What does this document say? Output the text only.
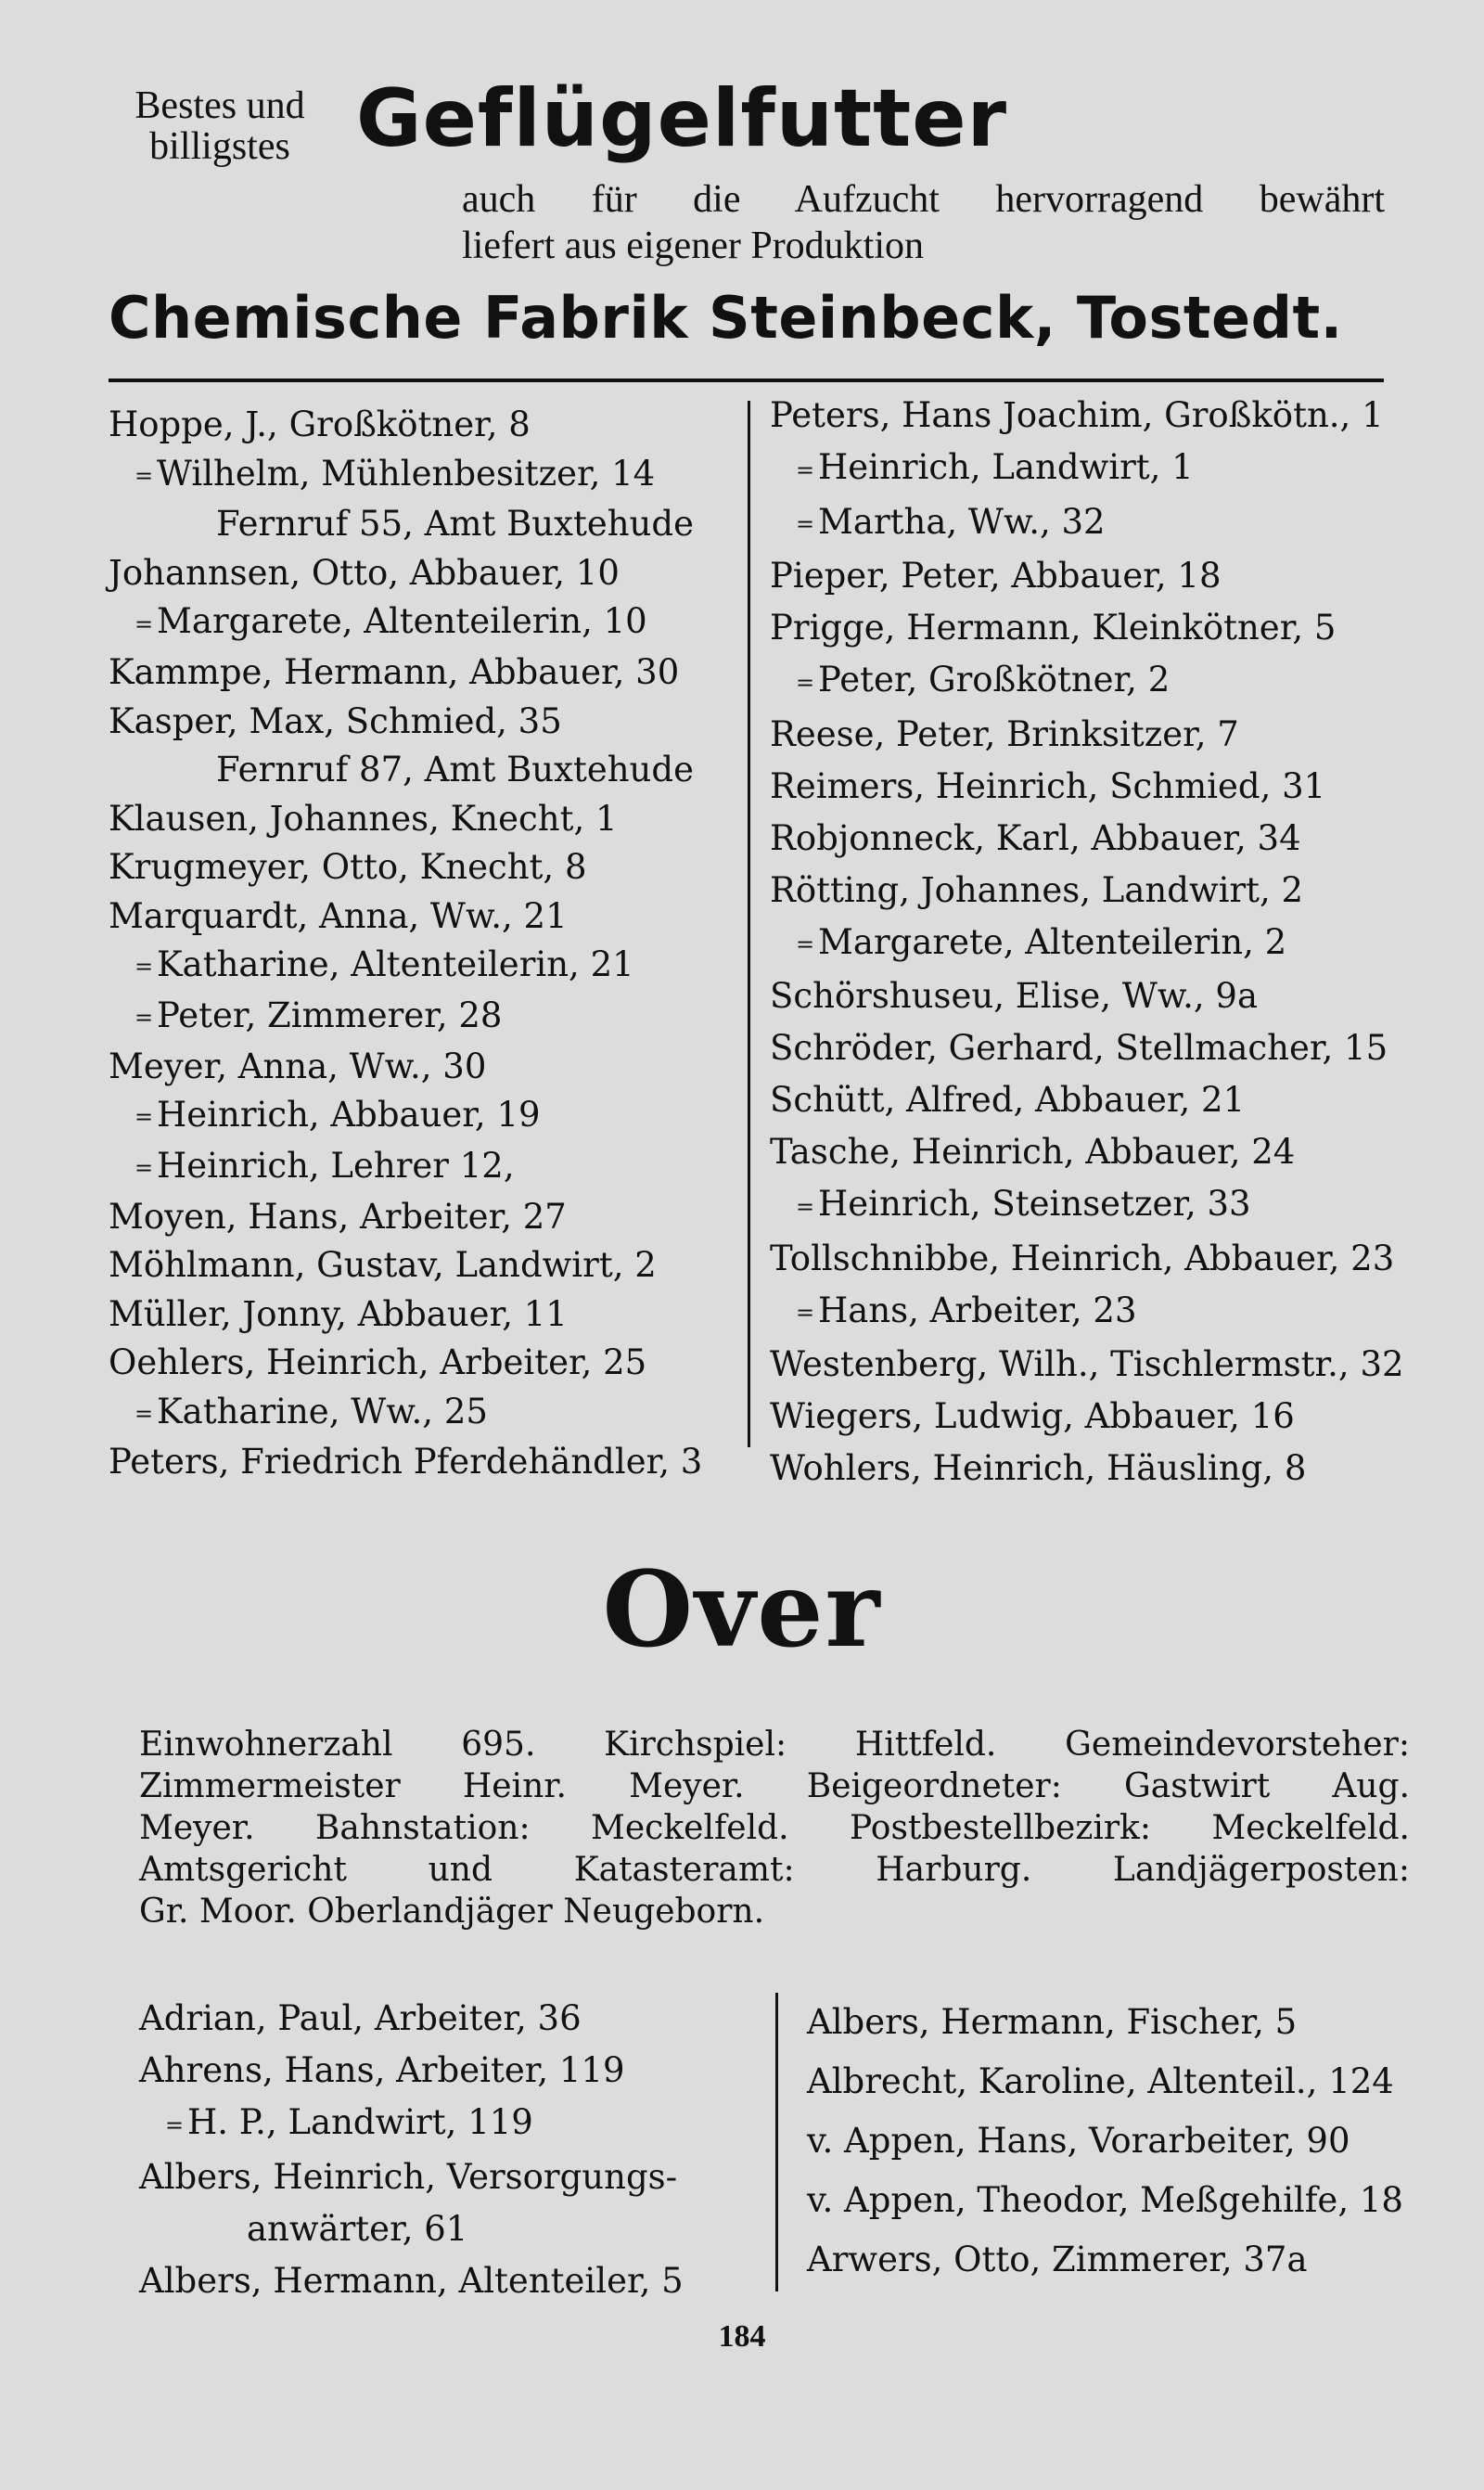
Bestes und
billigstes Geflügelfutter
auch für die Aufzucht hervorragend bewährt
liefert aus eigener Produktion
Chemische Fabrik Steinbeck, Tostedt.
Hoppe, J., Großkötner, 8
= Wilhelm, Mühlenbesitzer, 14
Fernruf 55, Amt Buxtehude
Johannsen, Otto, Abbauer, 10
= Margarete, Altenteilerin, 10
Kammpe, Hermann, Abbauer, 30
Kasper, Max, Schmied, 35
Fernruf 87, Amt Buxtehude
Klausen, Johannes, Knecht, 1
Krugmeyer, Otto, Knecht, 8
Marquardt, Anna, Ww., 21
= Katharine, Altenteilerin, 21
= Peter, Zimmerer, 28
Meyer, Anna, Ww., 30
= Heinrich, Abbauer, 19
= Heinrich, Lehrer 12,
Moyen, Hans, Arbeiter, 27
Möhlmann, Gustav, Landwirt, 2
Müller, Jonny, Abbauer, 11
Oehlers, Heinrich, Arbeiter, 25
= Katharine, Ww., 25
Peters, Friedrich Pferdehändler, 3
Peters, Hans Joachim, Großkötn., 1
= Heinrich, Landwirt, 1
= Martha, Ww., 32
Pieper, Peter, Abbauer, 18
Prigge, Hermann, Kleinkötner, 5
= Peter, Großkötner, 2
Reese, Peter, Brinksitzer, 7
Reimers, Heinrich, Schmied, 31
Robjonneck, Karl, Abbauer, 34
Rötting, Johannes, Landwirt, 2
= Margarete, Altenteilerin, 2
Schörshuseu, Elise, Ww., 9a
Schröder, Gerhard, Stellmacher, 15
Schütt, Alfred, Abbauer, 21
Tasche, Heinrich, Abbauer, 24
= Heinrich, Steinsetzer, 33
Tollschnibbe, Heinrich, Abbauer, 23
= Hans, Arbeiter, 23
Westenberg, Wilh., Tischlermstr., 32
Wiegers, Ludwig, Abbauer, 16
Wohlers, Heinrich, Häusling, 8
Over
Einwohnerzahl 695. Kirchspiel: Hittfeld. Gemeindevorsteher:
Zimmermeister Heinr. Meyer. Beigeordneter: Gastwirt Aug.
Meyer. Bahnstation: Meckelfeld. Postbestellbezirk: Meckelfeld.
Amtsgericht und Katasteramt: Harburg. Landjägerposten:
Gr. Moor. Oberlandjäger Neugeborn.
Adrian, Paul, Arbeiter, 36
Ahrens, Hans, Arbeiter, 119
= H. P., Landwirt, 119
Albers, Heinrich, Versorgungs-
anwärter, 61
Albers, Hermann, Altenteiler, 5
Albers, Hermann, Fischer, 5
Albrecht, Karoline, Altenteil., 124
v. Appen, Hans, Vorarbeiter, 90
v. Appen, Theodor, Meßgehilfe, 18
Arwers, Otto, Zimmerer, 37a
184
